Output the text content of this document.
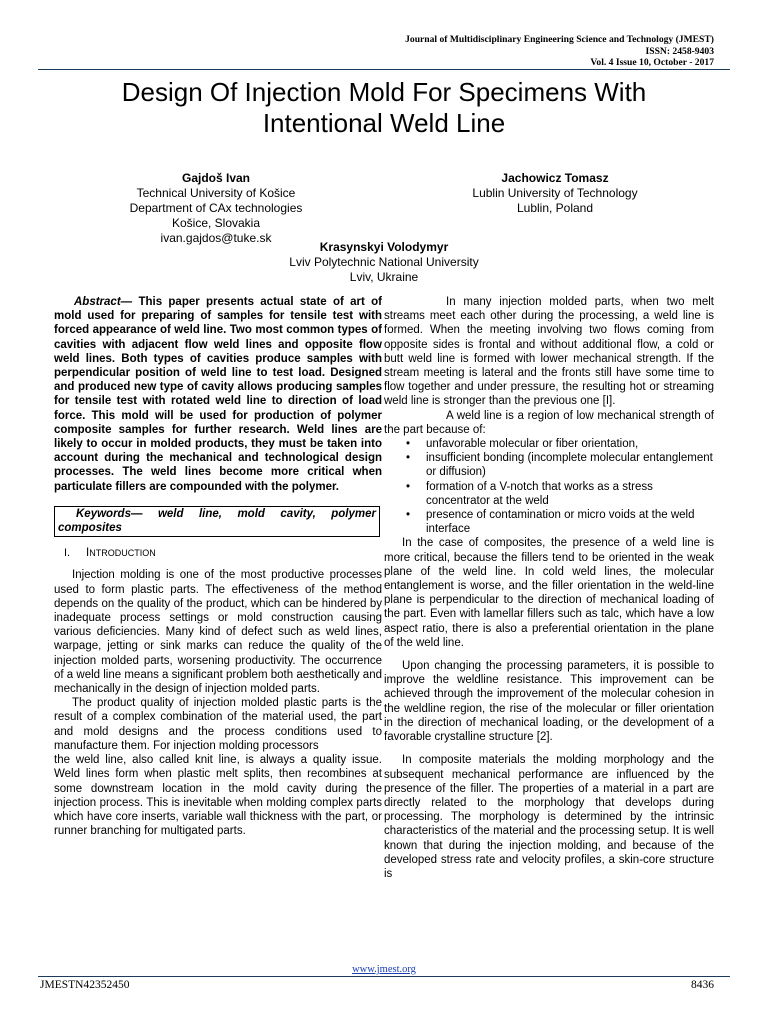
Journal of Multidisciplinary Engineering Science and Technology (JMEST)
ISSN: 2458-9403
Vol. 4 Issue 10, October - 2017
Design Of Injection Mold For Specimens With
Intentional Weld Line
Gajdoš Ivan
Technical University of Košice
Department of CAx technologies
Košice, Slovakia
ivan.gajdos@tuke.sk
Jachowicz Tomasz
Lublin University of Technology
Lublin, Poland
Krasynskyi Volodymyr
Lviv Polytechnic National University
Lviv, Ukraine

Abstract— This paper presents actual state of art of mold used for preparing of samples for tensile test with forced appearance of weld line. Two most common types of cavities with adjacent flow weld lines and opposite flow weld lines. Both types of cavities produce samples with perpendicular position of weld line to test load. Designed and produced new type of cavity allows producing samples for tensile test with rotated weld line to direction of load force. This mold will be used for production of polymer composite samples for further research. Weld lines are likely to occur in molded products, they must be taken into account during the mechanical and technological design processes. The weld lines become more critical when particulate fillers are compounded with the polymer.

Keywords— weld line, mold cavity, polymer composites
I. INTRODUCTION

Injection molding is one of the most productive processes used to form plastic parts. The effectiveness of the method depends on the quality of the product, which can be hindered by inadequate process settings or mold construction causing various deficiencies. Many kind of defect such as weld lines, warpage, jetting or sink marks can reduce the quality of the injection molded parts, worsening productivity. The occurrence of a weld line means a significant problem both aesthetically and mechanically in the design of injection molded parts.

The product quality of injection molded plastic parts is the result of a complex combination of the material used, the part and mold designs and the process conditions used to manufacture them. For injection molding processors

the weld line, also called knit line, is always a quality issue. Weld lines form when plastic melt splits, then recombines at some downstream location in the mold cavity during the injection process. This is inevitable when molding complex parts which have core inserts, variable wall thickness with the part, or runner branching for multigated parts.

In many injection molded parts, when two melt streams meet each other during the processing, a weld line is formed. When the meeting involving two flows coming from opposite sides is frontal and without additional flow, a cold or butt weld line is formed with lower mechanical strength. If the stream meeting is lateral and the fronts still have some time to flow together and under pressure, the resulting hot or streaming weld line is stronger than the previous one [I].

A weld line is a region of low mechanical strength of the part because of:

• unfavorable molecular or fiber orientation,
• insufficient bonding (incomplete molecular entanglement or diffusion)
• formation of a V-notch that works as a stress concentrator at the weld
• presence of contamination or micro voids at the weld interface

In the case of composites, the presence of a weld line is more critical, because the fillers tend to be oriented in the weak plane of the weld line. In cold weld lines, the molecular entanglement is worse, and the filler orientation in the weld-line plane is perpendicular to the direction of mechanical loading of the part. Even with lamellar fillers such as talc, which have a low aspect ratio, there is also a preferential orientation in the plane of the weld line.

Upon changing the processing parameters, it is possible to improve the weldline resistance. This improvement can be achieved through the improvement of the molecular cohesion in the weldline region, the rise of the molecular or filler orientation in the direction of mechanical loading, or the development of a favorable crystalline structure [2].

In composite materials the molding morphology and the subsequent mechanical performance are influenced by the presence of the filler. The properties of a material in a part are directly related to the morphology that develops during processing. The morphology is determined by the intrinsic characteristics of the material and the processing setup. It is well known that during the injection molding, and because of the developed stress rate and velocity profiles, a skin-core structure is

www.jmest.org
JMESTN42352450	8436
